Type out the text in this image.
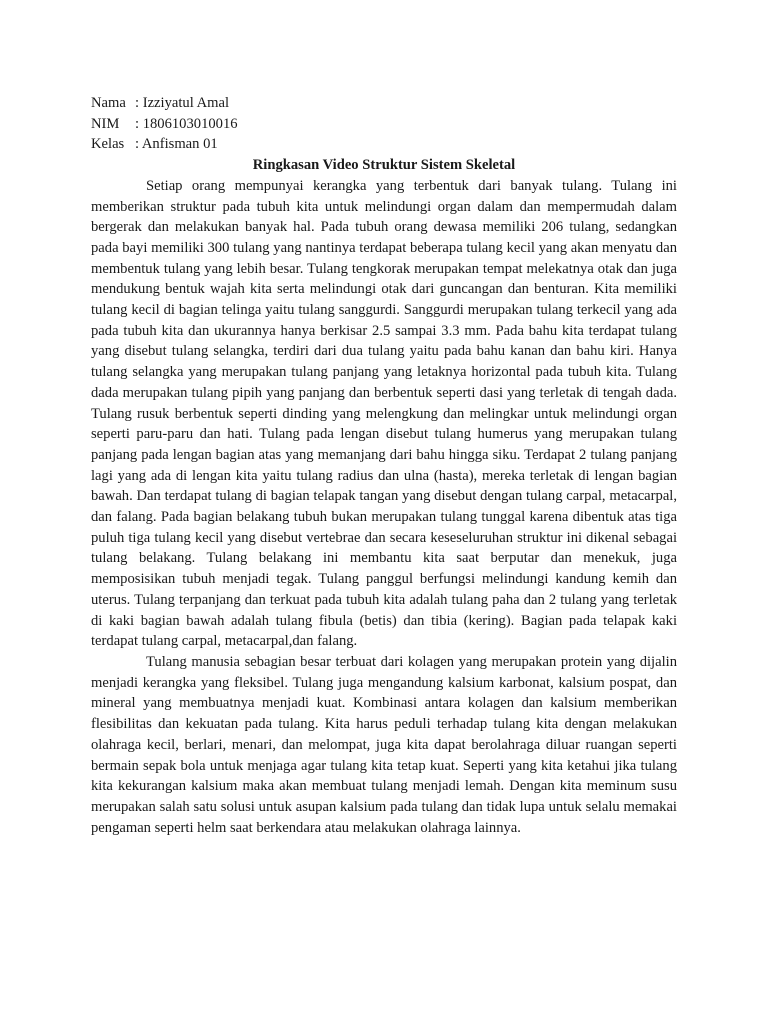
Nama : Izziyatul Amal
NIM	: 1806103010016
Kelas : Anfisman 01
Ringkasan Video Struktur Sistem Skeletal

Setiap orang mempunyai kerangka yang terbentuk dari banyak tulang. Tulang ini memberikan struktur pada tubuh kita untuk melindungi organ dalam dan mempermudah dalam bergerak dan melakukan banyak hal. Pada tubuh orang dewasa memiliki 206 tulang, sedangkan pada bayi memiliki 300 tulang yang nantinya terdapat beberapa tulang kecil yang akan menyatu dan membentuk tulang yang lebih besar. Tulang tengkorak merupakan tempat melekatnya otak dan juga mendukung bentuk wajah kita serta melindungi otak dari guncangan dan benturan. Kita memiliki tulang kecil di bagian telinga yaitu tulang sanggurdi. Sanggurdi merupakan tulang terkecil yang ada pada tubuh kita dan ukurannya hanya berkisar 2.5 sampai 3.3 mm. Pada bahu kita terdapat tulang yang disebut tulang selangka, terdiri dari dua tulang yaitu pada bahu kanan dan bahu kiri. Hanya tulang selangka yang merupakan tulang panjang yang letaknya horizontal pada tubuh kita. Tulang dada merupakan tulang pipih yang panjang dan berbentuk seperti dasi yang terletak di tengah dada. Tulang rusuk berbentuk seperti dinding yang melengkung dan melingkar untuk melindungi organ seperti paru-paru dan hati. Tulang pada lengan disebut tulang humerus yang merupakan tulang panjang pada lengan bagian atas yang memanjang dari bahu hingga siku. Terdapat 2 tulang panjang lagi yang ada di lengan kita yaitu tulang radius dan ulna (hasta), mereka terletak di lengan bagian bawah. Dan terdapat tulang di bagian telapak tangan yang disebut dengan tulang carpal, metacarpal, dan falang. Pada bagian belakang tubuh bukan merupakan tulang tunggal karena dibentuk atas tiga puluh tiga tulang kecil yang disebut vertebrae dan secara keseseluruhan struktur ini dikenal sebagai tulang belakang. Tulang belakang ini membantu kita saat berputar dan menekuk, juga memposisikan tubuh menjadi tegak. Tulang panggul berfungsi melindungi kandung kemih dan uterus. Tulang terpanjang dan terkuat pada tubuh kita adalah tulang paha dan 2 tulang yang terletak di kaki bagian bawah adalah tulang fibula (betis) dan tibia (kering). Bagian pada telapak kaki terdapat tulang carpal, metacarpal,dan falang.

Tulang manusia sebagian besar terbuat dari kolagen yang merupakan protein yang dijalin menjadi kerangka yang fleksibel. Tulang juga mengandung kalsium karbonat, kalsium pospat, dan mineral yang membuatnya menjadi kuat. Kombinasi antara kolagen dan kalsium memberikan flesibilitas dan kekuatan pada tulang. Kita harus peduli terhadap tulang kita dengan melakukan olahraga kecil, berlari, menari, dan melompat, juga kita dapat berolahraga diluar ruangan seperti bermain sepak bola untuk menjaga agar tulang kita tetap kuat. Seperti yang kita ketahui jika tulang kita kekurangan kalsium maka akan membuat tulang menjadi lemah. Dengan kita meminum susu merupakan salah satu solusi untuk asupan kalsium pada tulang dan tidak lupa untuk selalu memakai pengaman seperti helm saat berkendara atau melakukan olahraga lainnya.
